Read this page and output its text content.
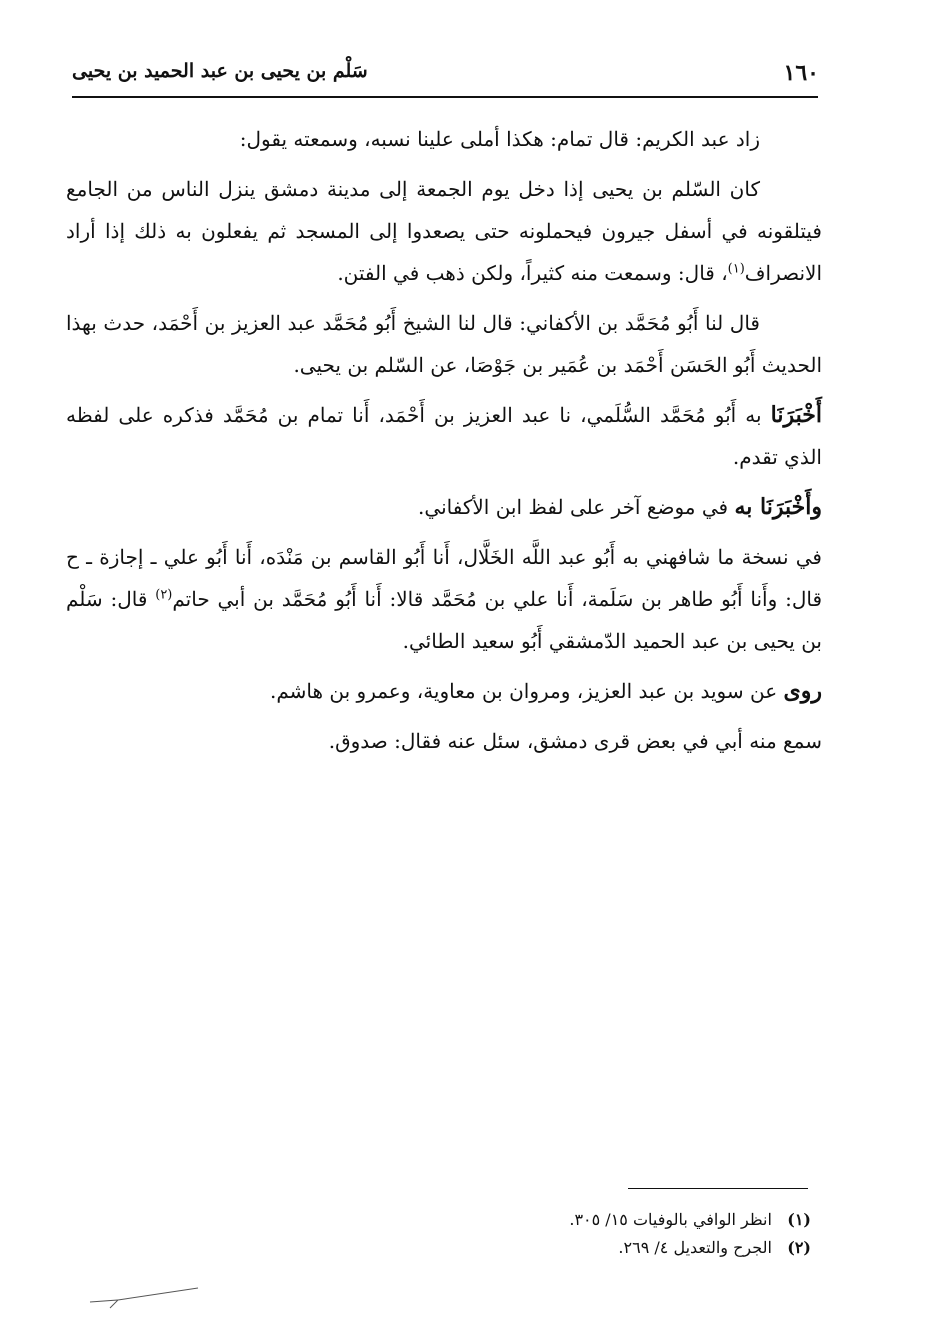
١٦٠
سَلْم بن يحيى بن عبد الحميد بن يحيى

زاد عبد الكريم: قال تمام: هكذا أملى علينا نسبه، وسمعته يقول:

كان السّلم بن يحيى إذا دخل يوم الجمعة إلى مدينة دمشق ينزل الناس من الجامع فيتلقونه في أسفل جيرون فيحملونه حتى يصعدوا إلى المسجد ثم يفعلون به ذلك إذا أراد الانصراف$^{(١)}$، قال: وسمعت منه كثيراً، ولكن ذهب في الفتن.

قال لنا أَبُو مُحَمَّد بن الأكفاني: قال لنا الشيخ أَبُو مُحَمَّد عبد العزيز بن أَحْمَد، حدث بهذا الحديث أَبُو الحَسَن أَحْمَد بن عُمَير بن جَوْصَا، عن السّلم بن يحيى.

أَخْبَرَنَا به أَبُو مُحَمَّد السُّلَمي، نا عبد العزيز بن أَحْمَد، أَنا تمام بن مُحَمَّد فذكره على لفظه الذي تقدم.

وأَخْبَرَنَا به في موضع آخر على لفظ ابن الأكفاني.

في نسخة ما شافهني به أَبُو عبد اللَّه الخَلَّال، أَنا أَبُو القاسم بن مَنْدَه، أَنا أَبُو علي ـ إجازة ـ ح قال: وأَنا أَبُو طاهر بن سَلَمة، أَنا علي بن مُحَمَّد قالا: أَنا أَبُو مُحَمَّد بن أبي حاتم$^{(٢)}$ قال: سَلْم بن يحيى بن عبد الحميد الدّمشقي أَبُو سعيد الطائي.

روى عن سويد بن عبد العزيز، ومروان بن معاوية، وعمرو بن هاشم.

سمع منه أبي في بعض قرى دمشق، سئل عنه فقال: صدوق.

(١) انظر الوافي بالوفيات ١٥/ ٣٠٥.
(٢) الجرح والتعديل ٤/ ٢٦٩.
